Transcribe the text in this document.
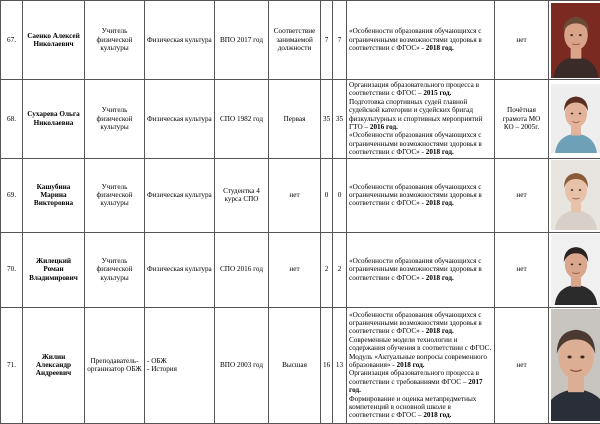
67.	Саенко Алексей Николаевич	Учитель физической культуры	Физическая культура	ВПО 2017 год	Соответствие занимаемой должности	7	7	«Особенности образования обучающихся с ограниченными возможностями здоровья в соответствии с ФГОС» - 2018 год.	нет	

68.	Сухарева Ольга Николаевна	Учитель физической культуры	Физическая культура	СПО 1982 год	Первая	35	35	Организация образовательного процесса в соответствии с ФГОС – 2015 год.
Подготовка спортивных судей главной судейской категории и судейских бригад физкультурных и спортивных мероприятий ГТО – 2016 год.
«Особенности образования обучающихся с ограниченными возможностями здоровья в соответствии с ФГОС» - 2018 год.	Почётная грамота МО КО – 2005г.	

69.	Кашубина Марина Викторовна	Учитель физической культуры	Физическая культура	Студентка 4 курса СПО	нет	0	0	«Особенности образования обучающихся с ограниченными возможностями здоровья в соответствии с ФГОС» - 2018 год.	нет	

70.	Жилецкий Роман Владимирович	Учитель физической культуры	Физическая культура	СПО 2016 год	нет	2	2	«Особенности образования обучающихся с ограниченными возможностями здоровья в соответствии с ФГОС» - 2018 год.	нет	

71.	Жилин Александр Андреевич	Преподаватель-организатор ОБЖ	- ОБЖ
- История	ВПО 2003 год	Высшая	16	13	«Особенности образования обучающихся с ограниченными возможностями здоровья в соответствии с ФГОС» - 2018 год.
Современные модели технологии и содержания обучения в соответствии с ФГОС. Модуль «Актуальные вопросы современного образования» - 2018 год.
Организация образовательного процесса в соответствии с требованиями ФГОС – 2017 год.
Формирование и оценка метапредметных компетенций в основной школе в соответствии с ФГОС – 2018 год.	нет	
